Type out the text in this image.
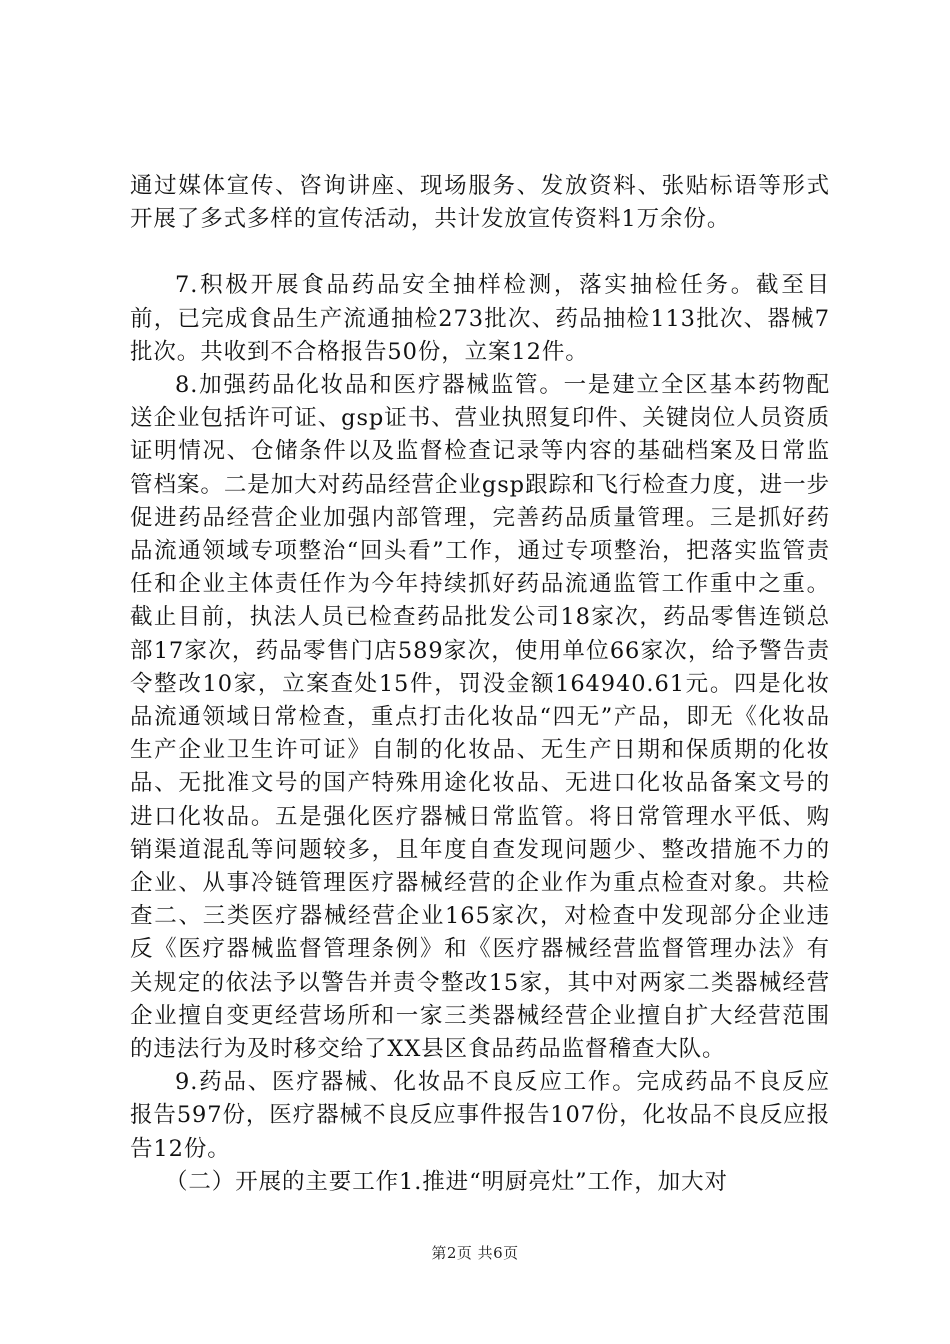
通过媒体宣传、咨询讲座、现场服务、发放资料、张贴标语等形式开展了多式多样的宣传活动，共计发放宣传资料1万余份。

7.积极开展食品药品安全抽样检测，落实抽检任务。截至目前，已完成食品生产流通抽检273批次、药品抽检113批次、器械7批次。共收到不合格报告50份，立案12件。

8.加强药品化妆品和医疗器械监管。一是建立全区基本药物配送企业包括许可证、gsp证书、营业执照复印件、关键岗位人员资质证明情况、仓储条件以及监督检查记录等内容的基础档案及日常监管档案。二是加大对药品经营企业gsp跟踪和飞行检查力度，进一步促进药品经营企业加强内部管理，完善药品质量管理。三是抓好药品流通领域专项整治“回头看”工作，通过专项整治，把落实监管责任和企业主体责任作为今年持续抓好药品流通监管工作重中之重。截止目前，执法人员已检查药品批发公司18家次，药品零售连锁总部17家次，药品零售门店589家次，使用单位66家次，给予警告责令整改10家，立案查处15件，罚没金额164940.61元。四是化妆品流通领域日常检查，重点打击化妆品“四无”产品，即无《化妆品生产企业卫生许可证》自制的化妆品、无生产日期和保质期的化妆品、无批准文号的国产特殊用途化妆品、无进口化妆品备案文号的进口化妆品。五是强化医疗器械日常监管。将日常管理水平低、购销渠道混乱等问题较多，且年度自查发现问题少、整改措施不力的企业、从事冷链管理医疗器械经营的企业作为重点检查对象。共检查二、三类医疗器械经营企业165家次，对检查中发现部分企业违反《医疗器械监督管理条例》和《医疗器械经营监督管理办法》有关规定的依法予以警告并责令整改15家，其中对两家二类器械经营企业擅自变更经营场所和一家三类器械经营企业擅自扩大经营范围的违法行为及时移交给了XX县区食品药品监督稽查大队。

9.药品、医疗器械、化妆品不良反应工作。完成药品不良反应报告597份，医疗器械不良反应事件报告107份，化妆品不良反应报告12份。

（二）开展的主要工作1.推进“明厨亮灶”工作，加大对

第2页 共6页
